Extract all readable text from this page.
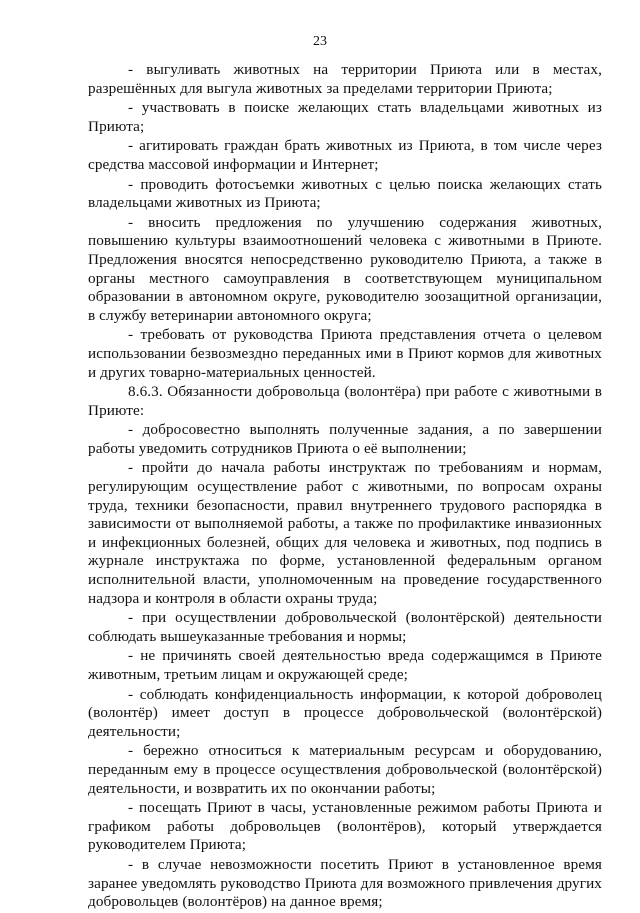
23

- выгуливать животных на территории Приюта или в местах, разрешённых для выгула животных за пределами территории Приюта;

- участвовать в поиске желающих стать владельцами животных из Приюта;

- агитировать граждан брать животных из Приюта, в том числе через средства массовой информации и Интернет;

- проводить фотосъемки животных с целью поиска желающих стать владельцами животных из Приюта;

- вносить предложения по улучшению содержания животных, повышению культуры взаимоотношений человека с животными в Приюте. Предложения вносятся непосредственно руководителю Приюта, а также в органы местного самоуправления в соответствующем муниципальном образовании в автономном округе, руководителю зоозащитной организации, в службу ветеринарии автономного округа;

- требовать от руководства Приюта представления отчета о целевом использовании безвозмездно переданных ими в Приют кормов для животных и других товарно-материальных ценностей.

8.6.3. Обязанности добровольца (волонтёра) при работе с животными в Приюте:

- добросовестно выполнять полученные задания, а по завершении работы уведомить сотрудников Приюта о её выполнении;

- пройти до начала работы инструктаж по требованиям и нормам, регулирующим осуществление работ с животными, по вопросам охраны труда, техники безопасности, правил внутреннего трудового распорядка в зависимости от выполняемой работы, а также по профилактике инвазионных и инфекционных болезней, общих для человека и животных, под подпись в журнале инструктажа по форме, установленной федеральным органом исполнительной власти, уполномоченным на проведение государственного надзора и контроля в области охраны труда;

- при осуществлении добровольческой (волонтёрской) деятельности соблюдать вышеуказанные требования и нормы;

- не причинять своей деятельностью вреда содержащимся в Приюте животным, третьим лицам и окружающей среде;

- соблюдать конфиденциальность информации, к которой доброволец (волонтёр) имеет доступ в процессе добровольческой (волонтёрской) деятельности;

- бережно относиться к материальным ресурсам и оборудованию, переданным ему в процессе осуществления добровольческой (волонтёрской) деятельности, и возвратить их по окончании работы;

- посещать Приют в часы, установленные режимом работы Приюта и графиком работы добровольцев (волонтёров), который утверждается руководителем Приюта;

- в случае невозможности посетить Приют в установленное время заранее уведомлять руководство Приюта для возможного привлечения других добровольцев (волонтёров) на данное время;
